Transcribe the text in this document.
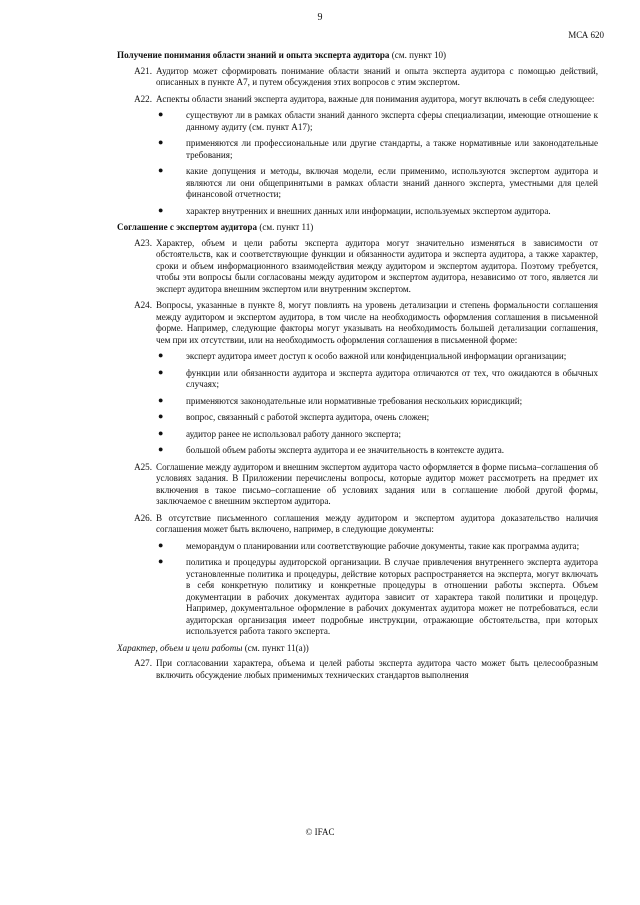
9
МСА 620
Получение понимания области знаний и опыта эксперта аудитора (см. пункт 10)
A21. Аудитор может сформировать понимание области знаний и опыта эксперта аудитора с помощью действий, описанных в пункте A7, и путем обсуждения этих вопросов с этим экспертом.
A22. Аспекты области знаний эксперта аудитора, важные для понимания аудитора, могут включать в себя следующее:
● существуют ли в рамках области знаний данного эксперта сферы специализации, имеющие отношение к данному аудиту (см. пункт A17);
● применяются ли профессиональные или другие стандарты, а также нормативные или законодательные требования;
● какие допущения и методы, включая модели, если применимо, используются экспертом аудитора и являются ли они общепринятыми в рамках области знаний данного эксперта, уместными для целей финансовой отчетности;
● характер внутренних и внешних данных или информации, используемых экспертом аудитора.
Соглашение с экспертом аудитора (см. пункт 11)
A23. Характер, объем и цели работы эксперта аудитора могут значительно изменяться в зависимости от обстоятельств, как и соответствующие функции и обязанности аудитора и эксперта аудитора, а также характер, сроки и объем информационного взаимодействия между аудитором и экспертом аудитора. Поэтому требуется, чтобы эти вопросы были согласованы между аудитором и экспертом аудитора, независимо от того, является ли эксперт аудитора внешним экспертом или внутренним экспертом.
A24. Вопросы, указанные в пункте 8, могут повлиять на уровень детализации и степень формальности соглашения между аудитором и экспертом аудитора, в том числе на необходимость оформления соглашения в письменной форме. Например, следующие факторы могут указывать на необходимость большей детализации соглашения, чем при их отсутствии, или на необходимость оформления соглашения в письменной форме:
● эксперт аудитора имеет доступ к особо важной или конфиденциальной информации организации;
● функции или обязанности аудитора и эксперта аудитора отличаются от тех, что ожидаются в обычных случаях;
● применяются законодательные или нормативные требования нескольких юрисдикций;
● вопрос, связанный с работой эксперта аудитора, очень сложен;
● аудитор ранее не использовал работу данного эксперта;
● большой объем работы эксперта аудитора и ее значительность в контексте аудита.
A25. Соглашение между аудитором и внешним экспертом аудитора часто оформляется в форме письма–соглашения об условиях задания. В Приложении перечислены вопросы, которые аудитор может рассмотреть на предмет их включения в такое письмо–соглашение об условиях задания или в соглашение любой другой формы, заключаемое с внешним экспертом аудитора.
A26. В отсутствие письменного соглашения между аудитором и экспертом аудитора доказательство наличия соглашения может быть включено, например, в следующие документы:
● меморандум о планировании или соответствующие рабочие документы, такие как программа аудита;
● политика и процедуры аудиторской организации. В случае привлечения внутреннего эксперта аудитора установленные политика и процедуры, действие которых распространяется на эксперта, могут включать в себя конкретную политику и конкретные процедуры в отношении работы эксперта. Объем документации в рабочих документах аудитора зависит от характера такой политики и процедур. Например, документальное оформление в рабочих документах аудитора может не потребоваться, если аудиторская организация имеет подробные инструкции, отражающие обстоятельства, при которых используется работа такого эксперта.
Характер, объем и цели работы (см. пункт 11(а))
A27. При согласовании характера, объема и целей работы эксперта аудитора часто может быть целесообразным включить обсуждение любых применимых технических стандартов выполнения
© IFAC
